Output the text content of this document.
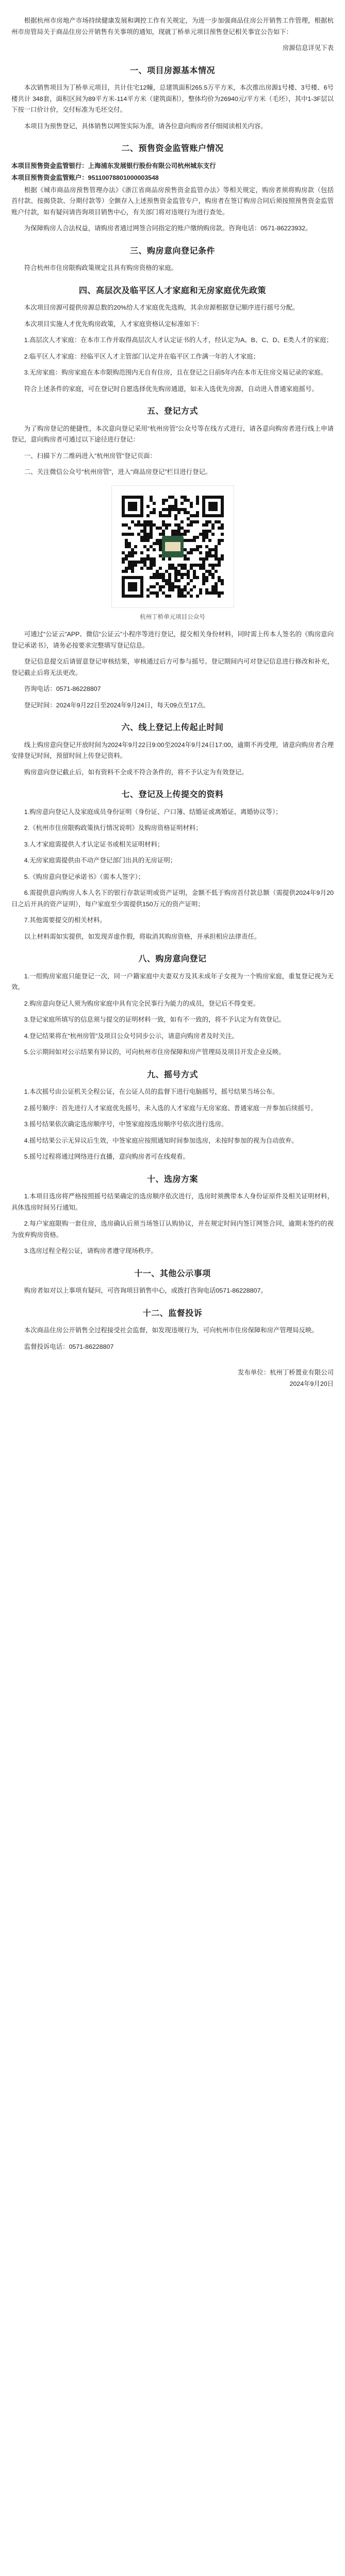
根据杭州市房地产市场持续健康发展和调控工作有关规定，为进一步加强商品住房公开销售工作管理，根据杭州市房管局关于商品住房公开销售有关事项的通知，现就丁桥单元项目预售登记相关事宜公告如下：

房源信息详见下表

一、项目房源基本情况

本次销售项目为丁桥单元项目，共计住宅12幢，总建筑面积265.5万平方米，本次推出房源1号楼、3号楼、6号楼共计 348套，面积区间为89平方米-114平方米（建筑面积），整体均价为26940元/平方米（毛坯），其中1-3F层以下按一口价计价，交付标准为毛坯交付。

本项目为预售登记，具体销售以网签实际为准，请各位意向购房者仔细阅读相关内容。

二、预售资金监管账户情况

本项目预售资金监管银行：上海浦东发展银行股份有限公司杭州城东支行

本项目预售资金监管账户：95110078801000003548

根据《城市商品房预售管理办法》《浙江省商品房预售资金监管办法》等相关规定，购房者须将购房款（包括首付款、按揭贷款、分期付款等）全额存入上述预售资金监管专户，购房者在签订购房合同后须按照预售资金监管账户付款，如有疑问请咨询项目销售中心，有关部门将对违规行为进行查处。

为保障购房人合法权益，请购房者通过网签合同指定的账户缴纳购房款。咨询电话：0571-86223932。

三、购房意向登记条件

符合杭州市住房限购政策规定且具有购房资格的家庭。

四、高层次及临平区人才家庭和无房家庭优先政策

本次项目房源可提供房源总数的20%给人才家庭优先选购，其余房源根据登记顺序进行摇号分配。

本次项目实施人才优先购房政策，人才家庭资格认定标准如下：

1.高层次人才家庭：在本市工作并取得高层次人才认定证书的人才，经认定为A、B、C、D、E类人才的家庭；

2.临平区人才家庭：经临平区人才主管部门认定并在临平区工作满一年的人才家庭；

3.无房家庭：购房家庭在本市限购范围内无自有住房，且在登记之日前5年内在本市无住房交易记录的家庭。

符合上述条件的家庭，可在登记时自愿选择优先购房通道，如未入选优先房源，自动进入普通家庭摇号。

五、登记方式

为了购房登记的便捷性，本次意向登记采用“杭州房管”公众号等在线方式进行，请各意向购房者进行线上申请登记，意向购房者可通过以下途径进行登记：

一、扫描下方二维码进入“杭州房管”登记页面：

二、关注微信公众号“杭州房管”，进入“商品房登记”栏目进行登记。

杭州丁桥单元项目公众号

可通过“公证云”APP、微信“公证云”小程序等进行登记，提交相关身份材料，同时需上传本人签名的《购房意向登记承诺书》，请务必按要求完整填写登记信息。

登记信息提交后请留意登记审核结果，审核通过后方可参与摇号。登记期间内可对登记信息进行修改和补充，登记截止后将无法更改。

咨询电话：0571-86228807

登记时间：2024年9月22日至2024年9月24日，每天09点至17点。

六、线上登记上传起止时间

线上购房意向登记开放时间为2024年9月22日9:00至2024年9月24日17:00，逾期不再受理，请意向购房者合理安排登记时间，预留时间上传登记资料。

购房意向登记截止后，如有资料不全或不符合条件的，将不予认定为有效登记。

七、登记及上传提交的资料

1.购房意向登记人及家庭成员身份证明（身份证、户口簿、结婚证或离婚证、离婚协议等）；

2.《杭州市住房限购政策执行情况说明》及购房资格证明材料；

3.人才家庭需提供人才认定证书或相关证明材料；

4.无房家庭需提供由不动产登记部门出具的无房证明；

5.《购房意向登记承诺书》（需本人签字）；

6.需提供意向购房人本人名下的银行存款证明或资产证明，金额不低于购房首付款总额（需提供2024年9月20日之后开具的资产证明），每户家庭至少需提供150万元的资产证明；

7.其他需要提交的相关材料。

以上材料需如实提供，如发现弄虚作假，将取消其购房资格，并承担相应法律责任。

八、购房意向登记

1.一组购房家庭只能登记一次，同一户籍家庭中夫妻双方及其未成年子女视为一个购房家庭，重复登记视为无效。

2.购房意向登记人须为购房家庭中具有完全民事行为能力的成员，登记后不得变更。

3.登记家庭所填写的信息须与提交的证明材料一致，如有不一致的，将不予认定为有效登记。

4.登记结果将在“杭州房管”及项目公众号同步公示，请意向购房者及时关注。

5.公示期间如对公示结果有异议的，可向杭州市住房保障和房产管理局及项目开发企业反映。

九、摇号方式

1.本次摇号由公证机关全程公证，在公证人员的监督下进行电脑摇号，摇号结果当场公布。

2.摇号顺序：首先进行人才家庭优先摇号，未入选的人才家庭与无房家庭、普通家庭一并参加后续摇号。

3.摇号结果依次确定选房顺序号，中签家庭按选房顺序号依次进行选房。

4.摇号结果公示无异议后生效，中签家庭应按照通知时间参加选房，未按时参加的视为自动放弃。

5.摇号过程将通过网络进行直播，意向购房者可在线观看。

十、选房方案

1.本项目选房将严格按照摇号结果确定的选房顺序依次进行，选房时须携带本人身份证原件及相关证明材料，具体选房时间另行通知。

2.每户家庭限购一套住房，选房确认后须当场签订认购协议，并在规定时间内签订网签合同，逾期未签约的视为放弃购房资格。

3.选房过程全程公证，请购房者遵守现场秩序。

十一、其他公示事项

购房者如对以上事项有疑问，可咨询项目销售中心，或拨打咨询电话0571-86228807。

十二、监督投诉

本次商品住房公开销售全过程接受社会监督，如发现违规行为，可向杭州市住房保障和房产管理局反映。

监督投诉电话：0571-86228807

发布单位：杭州丁桥置业有限公司
2024年9月20日
